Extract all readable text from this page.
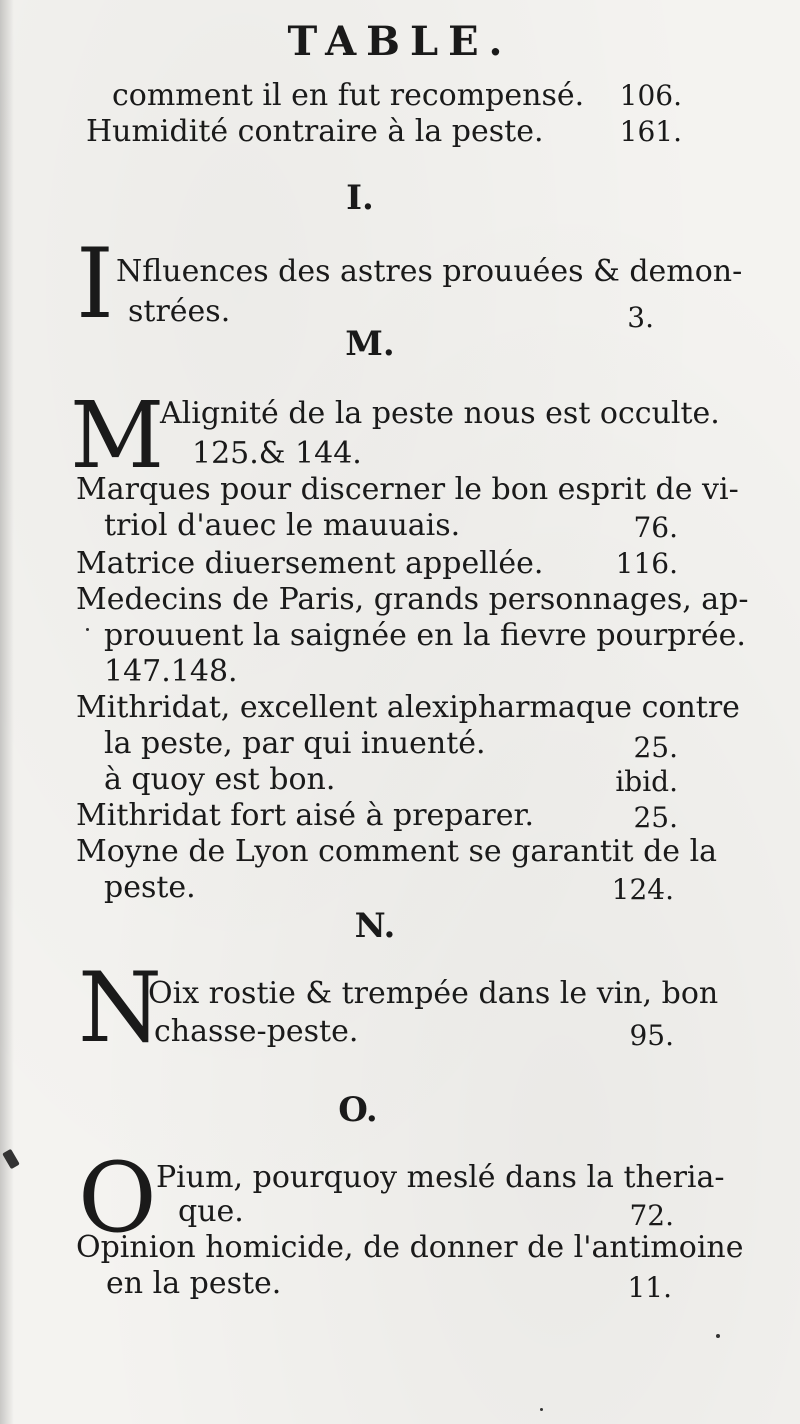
TABLE.
comment il en fut recompensé.	106.
Humidité contraire à la peste.	161.
I.
I Nfluences des astres prouuées & demon-
strées.	3.
M.
M
Alignité de la peste nous est occulte.
125.& 144.
Marques pour discerner le bon esprit de vi-
triol d'auec le mauuais.	76.
Matrice diuersement appellée.	116.
Medecins de Paris, grands personnages, ap-
prouuent la saignée en la fievre pourprée.
147.148.
Mithridat, excellent alexipharmaque contre
la peste, par qui inuenté.	25.
à quoy est bon.	ibid.
Mithridat fort aisé à preparer.	25.
Moyne de Lyon comment se garantit de la
peste.	124.
N.
N
Oix rostie & trempée dans le vin, bon
chasse-peste.	95.
O.
O Pium, pourquoy meslé dans la theria-
que.	72.
Opinion homicide, de donner de l'antimoine
en la peste.	11.
